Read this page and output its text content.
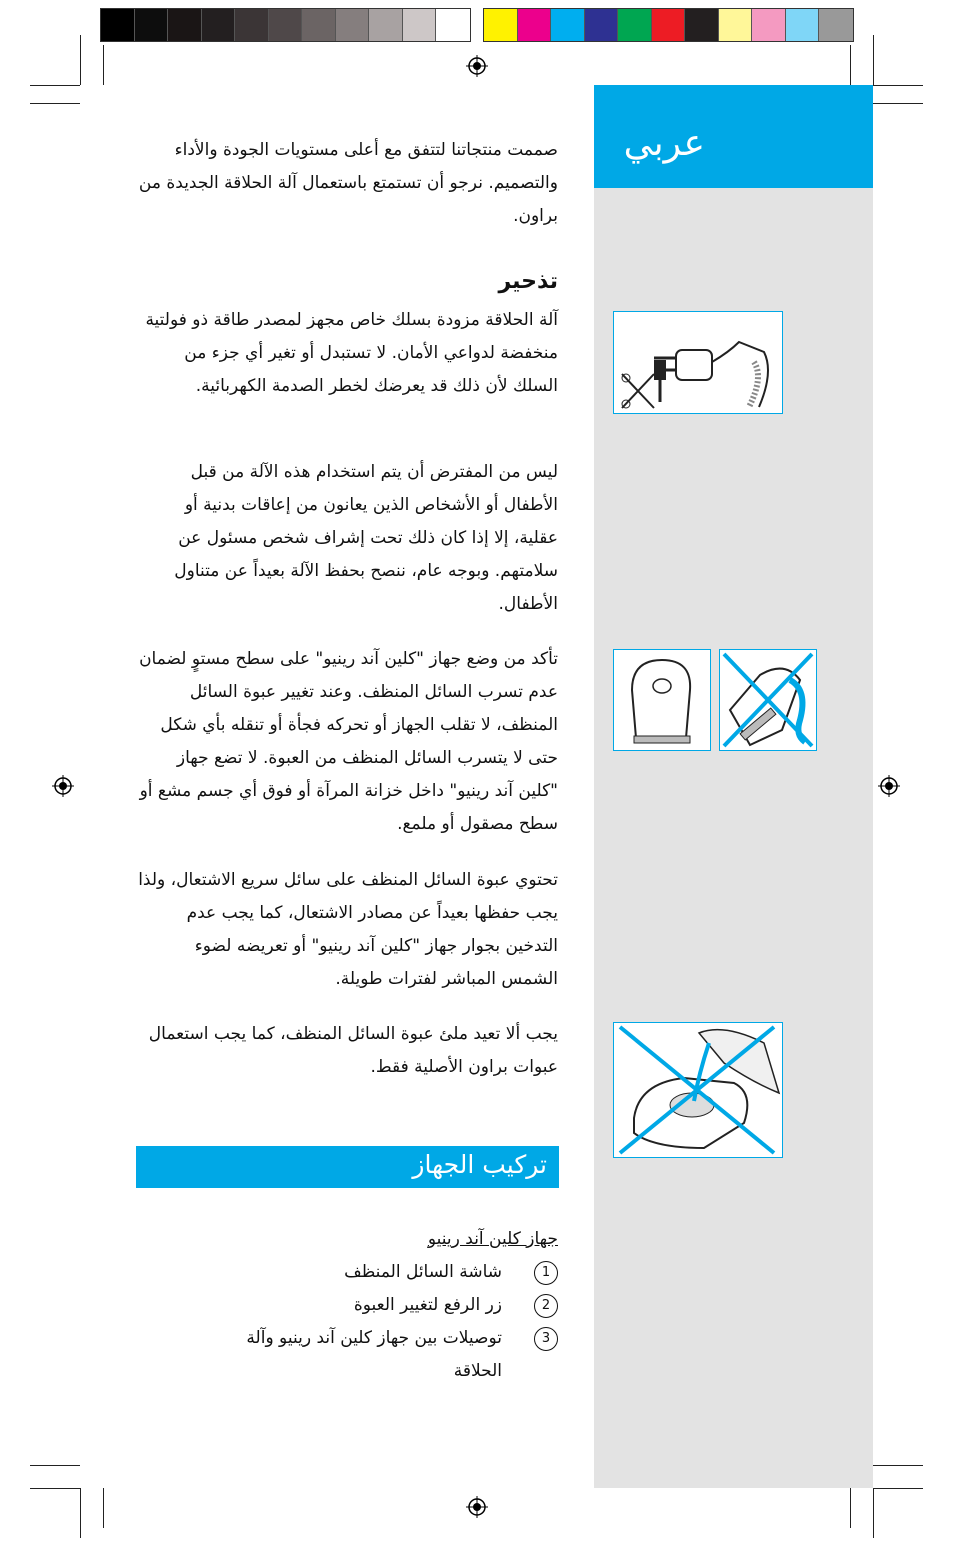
عربي
صممت منتجاتنا لتتفق مع أعلى مستويات الجودة والأداء والتصميم. نرجو أن تستمتع باستعمال آلة الحلاقة الجديدة من براون.
تذحير
آلة الحلاقة مزودة بسلك خاص مجهز لمصدر طاقة ذو فولتية منخفضة لدواعي الأمان. لا تستبدل أو تغير أي جزء من السلك لأن ذلك قد يعرضك لخطر الصدمة الكهربائية.
ليس من المفترض أن يتم استخدام هذه الآلة من قبل الأطفال أو الأشخاص الذين يعانون من إعاقات بدنية أو عقلية، إلا إذا كان ذلك تحت إشراف شخص مسئول عن سلامتهم. وبوجه عام، ننصح بحفظ الآلة بعيداً عن متناول الأطفال.
تأكد من وضع جهاز "كلين آند رينيو" على سطح مستوٍ لضمان عدم تسرب السائل المنظف. وعند تغيير عبوة السائل المنظف، لا تقلب الجهاز أو تحركه فجأة أو تنقله بأي شكل حتى لا يتسرب السائل المنظف من العبوة. لا تضع جهاز "كلين آند رينيو" داخل خزانة المرآة أو فوق أي جسم مشع أو سطح مصقول أو ملمع.
تحتوي عبوة السائل المنظف على سائل سريع الاشتعال، ولذا يجب حفظها بعيداً عن مصادر الاشتعال، كما يجب عدم التدخين بجوار جهاز "كلين آند رينيو" أو تعريضه لضوء الشمس المباشر لفترات طويلة.
يجب ألا تعيد ملئ عبوة السائل المنظف، كما يجب استعمال عبوات براون الأصلية فقط.
تركيب الجهاز
جهاز كلين آند رينيو
1
شاشة السائل المنظف
2
زر الرفع لتغيير العبوة
3
توصيلات بين جهاز كلين آند رينيو وآلة الحلاقة
